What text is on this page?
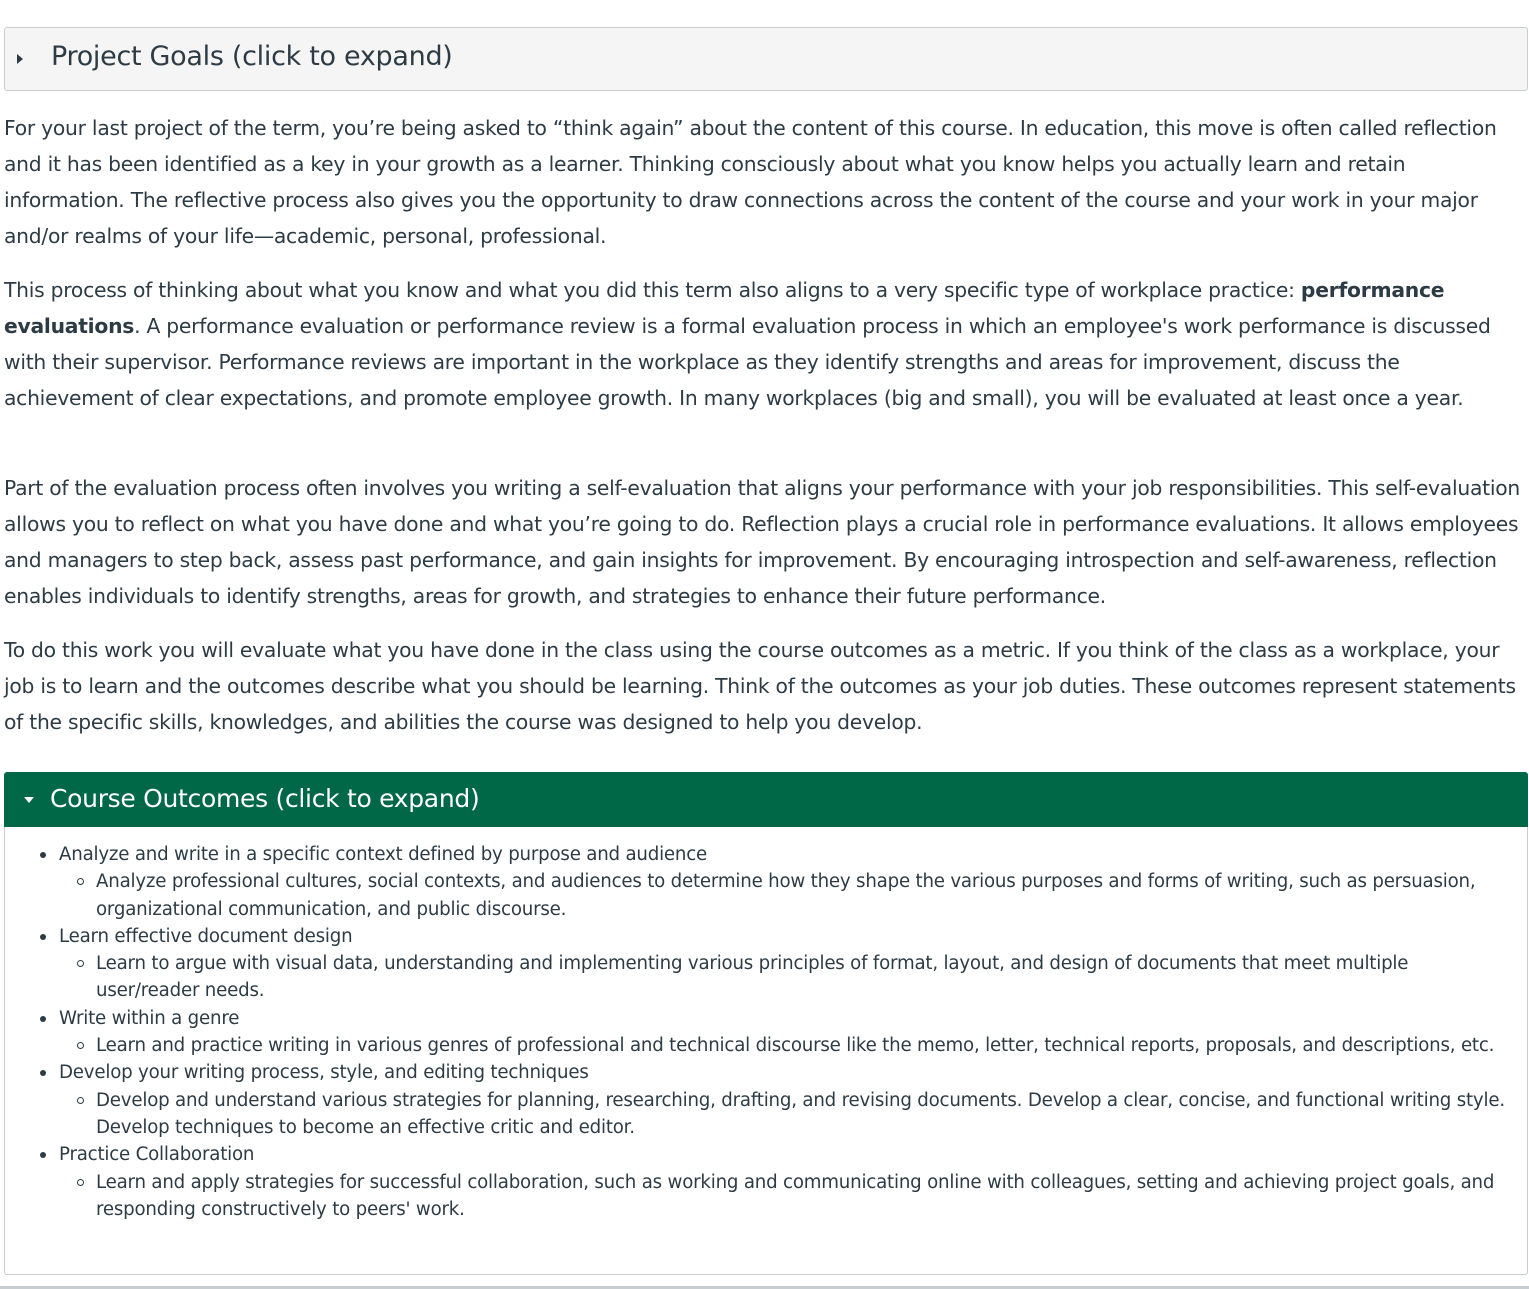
Project Goals (click to expand)

For your last project of the term, you’re being asked to “think again” about the content of this course. In education, this move is often called reflection and it has been identified as a key in your growth as a learner. Thinking consciously about what you know helps you actually learn and retain information. The reflective process also gives you the opportunity to draw connections across the content of the course and your work in your major and/or realms of your life—academic, personal, professional.

This process of thinking about what you know and what you did this term also aligns to a very specific type of workplace practice: performance evaluations. A performance evaluation or performance review is a formal evaluation process in which an employee's work performance is discussed with their supervisor. Performance reviews are important in the workplace as they identify strengths and areas for improvement, discuss the achievement of clear expectations, and promote employee growth. In many workplaces (big and small), you will be evaluated at least once a year.

Part of the evaluation process often involves you writing a self-evaluation that aligns your performance with your job responsibilities. This self-evaluation allows you to reflect on what you have done and what you’re going to do. Reflection plays a crucial role in performance evaluations. It allows employees and managers to step back, assess past performance, and gain insights for improvement. By encouraging introspection and self-awareness, reflection enables individuals to identify strengths, areas for growth, and strategies to enhance their future performance.

To do this work you will evaluate what you have done in the class using the course outcomes as a metric. If you think of the class as a workplace, your job is to learn and the outcomes describe what you should be learning. Think of the outcomes as your job duties. These outcomes represent statements of the specific skills, knowledges, and abilities the course was designed to help you develop.

Course Outcomes (click to expand)
Analyze and write in a specific context defined by purpose and audience
Analyze professional cultures, social contexts, and audiences to determine how they shape the various purposes and forms of writing, such as persuasion, organizational communication, and public discourse.
Learn effective document design
Learn to argue with visual data, understanding and implementing various principles of format, layout, and design of documents that meet multiple user/reader needs.
Write within a genre
Learn and practice writing in various genres of professional and technical discourse like the memo, letter, technical reports, proposals, and descriptions, etc.
Develop your writing process, style, and editing techniques
Develop and understand various strategies for planning, researching, drafting, and revising documents. Develop a clear, concise, and functional writing style. Develop techniques to become an effective critic and editor.
Practice Collaboration
Learn and apply strategies for successful collaboration, such as working and communicating online with colleagues, setting and achieving project goals, and responding constructively to peers' work.
